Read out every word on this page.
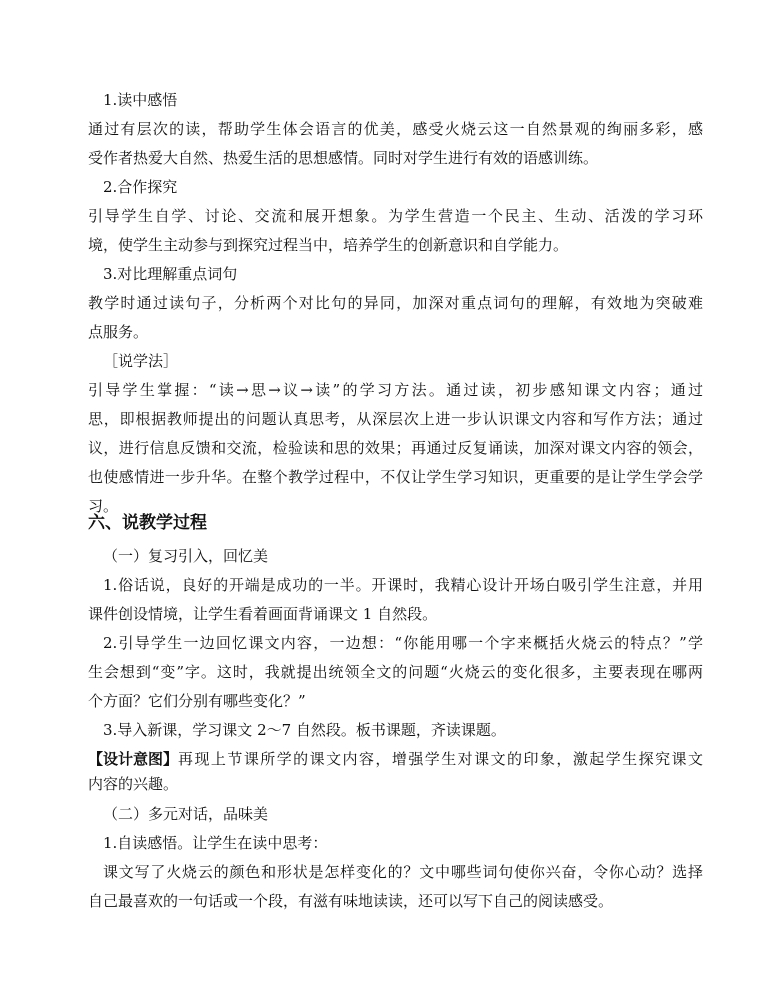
1.读中感悟
通过有层次的读，帮助学生体会语言的优美，感受火烧云这一自然景观的绚丽多彩，感
受作者热爱大自然、热爱生活的思想感情。同时对学生进行有效的语感训练。
2.合作探究
引导学生自学、讨论、交流和展开想象。为学生营造一个民主、生动、活泼的学习环
境，使学生主动参与到探究过程当中，培养学生的创新意识和自学能力。
3.对比理解重点词句
教学时通过读句子，分析两个对比句的异同，加深对重点词句的理解，有效地为突破难
点服务。
［说学法］
引导学生掌握：“读→思→议→读”的学习方法。通过读，初步感知课文内容；通过
思，即根据教师提出的问题认真思考，从深层次上进一步认识课文内容和写作方法；通过
议，进行信息反馈和交流，检验读和思的效果；再通过反复诵读，加深对课文内容的领会，
也使感情进一步升华。在整个教学过程中，不仅让学生学习知识，更重要的是让学生学会学
习。
六、说教学过程
（一）复习引入，回忆美
1.俗话说，良好的开端是成功的一半。开课时，我精心设计开场白吸引学生注意，并用
课件创设情境，让学生看着画面背诵课文 1 自然段。
2.引导学生一边回忆课文内容，一边想：“你能用哪一个字来概括火烧云的特点？”学
生会想到“变”字。这时，我就提出统领全文的问题“火烧云的变化很多，主要表现在哪两
个方面？它们分别有哪些变化？”
3.导入新课，学习课文 2～7 自然段。板书课题，齐读课题。
【设计意图】 再现上节课所学的课文内容，增强学生对课文的印象，激起学生探究课文
内容的兴趣。
（二）多元对话，品味美
1.自读感悟。让学生在读中思考：
课文写了火烧云的颜色和形状是怎样变化的？文中哪些词句使你兴奋，令你心动？选择
自己最喜欢的一句话或一个段，有滋有味地读读，还可以写下自己的阅读感受。
